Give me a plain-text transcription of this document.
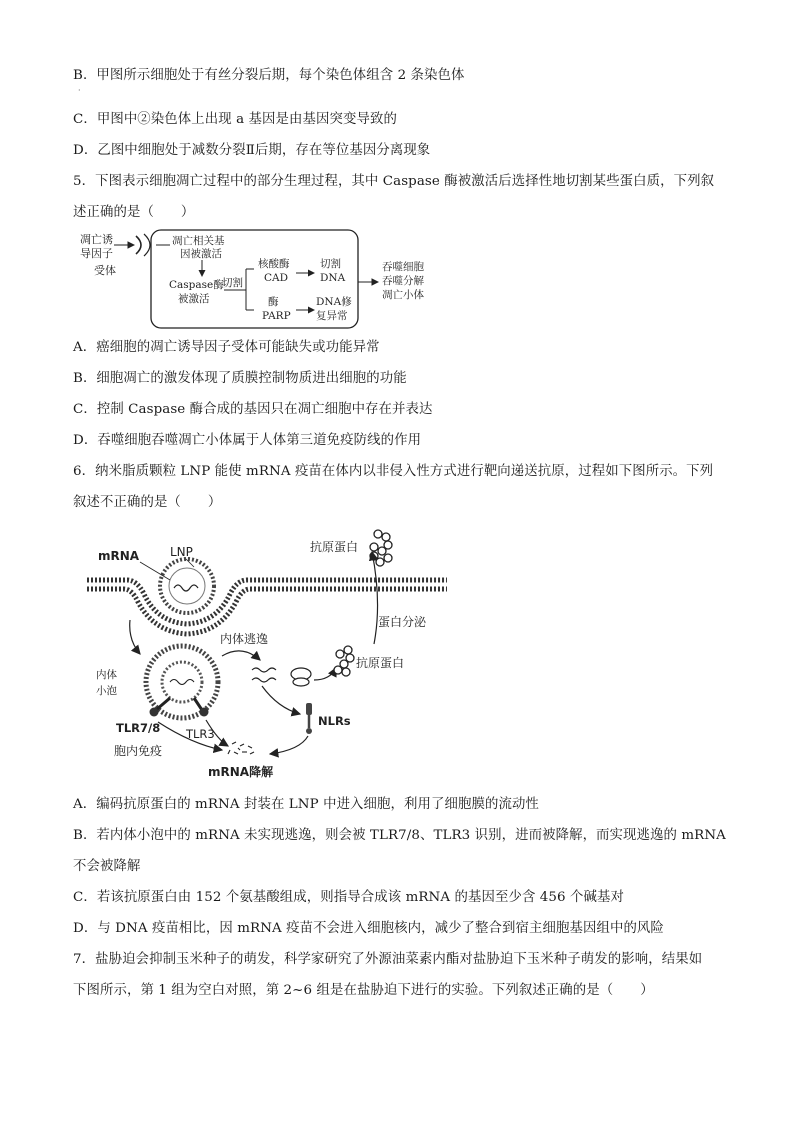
B．甲图所示细胞处于有丝分裂后期，每个染色体组含 2 条染色体
·
C．甲图中②染色体上出现 a 基因是由基因突变导致的
D．乙图中细胞处于减数分裂Ⅱ后期，存在等位基因分离现象
5．下图表示细胞凋亡过程中的部分生理过程，其中 Caspase 酶被激活后选择性地切割某些蛋白质，下列叙
述正确的是（　　）
凋亡诱
导因子
受体
凋亡相关基
因被激活
Caspase酶
被激活
切割
核酸酶
CAD
切割
DNA
酶
PARP
DNA修
复异常
吞噬细胞
吞噬分解
凋亡小体
A．癌细胞的凋亡诱导因子受体可能缺失或功能异常
B．细胞凋亡的激发体现了质膜控制物质进出细胞的功能
C．控制 Caspase 酶合成的基因只在凋亡细胞中存在并表达
D．吞噬细胞吞噬凋亡小体属于人体第三道免疫防线的作用
6．纳米脂质颗粒 LNP 能使 mRNA 疫苗在体内以非侵入性方式进行靶向递送抗原，过程如下图所示。下列
叙述不正确的是（　　）
mRNA	LNP	抗原蛋白
内体
小泡
TLR7/8 TLR3
内体逃逸
抗原蛋白
蛋白分泌
NLRs
胞内免疫
mRNA降解
A．编码抗原蛋白的 mRNA 封装在 LNP 中进入细胞，利用了细胞膜的流动性
B．若内体小泡中的 mRNA 未实现逃逸，则会被 TLR7/8、TLR3 识别，进而被降解，而实现逃逸的 mRNA
不会被降解
C．若该抗原蛋白由 152 个氨基酸组成，则指导合成该 mRNA 的基因至少含 456 个碱基对
D．与 DNA 疫苗相比，因 mRNA 疫苗不会进入细胞核内，减少了整合到宿主细胞基因组中的风险
7．盐胁迫会抑制玉米种子的萌发，科学家研究了外源油菜素内酯对盐胁迫下玉米种子萌发的影响，结果如
下图所示，第 1 组为空白对照，第 2~6 组是在盐胁迫下进行的实验。下列叙述正确的是（　　）
